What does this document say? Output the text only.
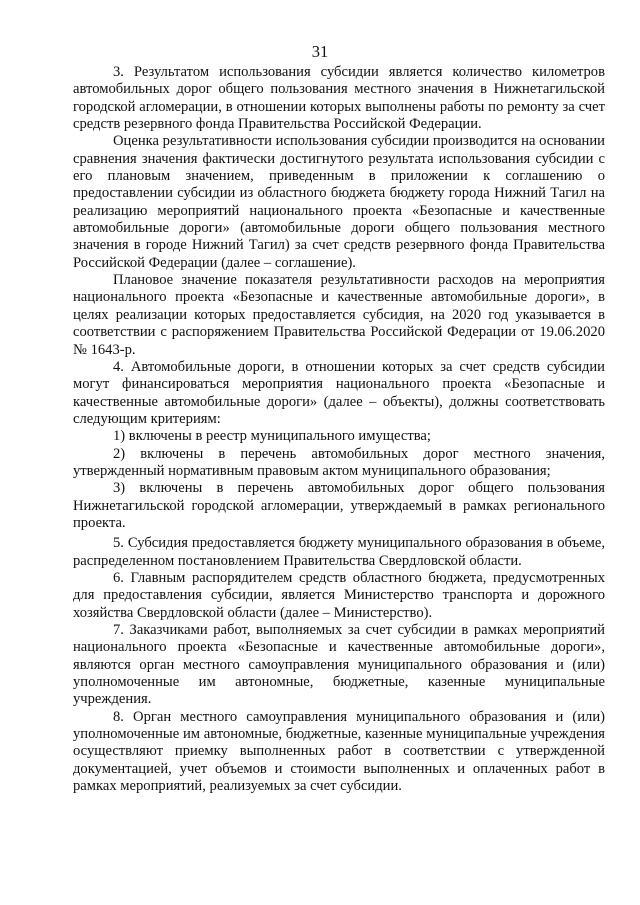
31

3. Результатом использования субсидии является количество километров автомобильных дорог общего пользования местного значения в Нижнетагильской городской агломерации, в отношении которых выполнены работы по ремонту за счет средств резервного фонда Правительства Российской Федерации.

Оценка результативности использования субсидии производится на основании сравнения значения фактически достигнутого результата использования субсидии с его плановым значением, приведенным в приложении к соглашению о предоставлении субсидии из областного бюджета бюджету города Нижний Тагил на реализацию мероприятий национального проекта «Безопасные и качественные автомобильные дороги» (автомобильные дороги общего пользования местного значения в городе Нижний Тагил) за счет средств резервного фонда Правительства Российской Федерации (далее – соглашение).

Плановое значение показателя результативности расходов на мероприятия национального проекта «Безопасные и качественные автомобильные дороги», в целях реализации которых предоставляется субсидия, на 2020 год указывается в соответствии с распоряжением Правительства Российской Федерации от 19.06.2020 № 1643-р.

4. Автомобильные дороги, в отношении которых за счет средств субсидии могут финансироваться мероприятия национального проекта «Безопасные и качественные автомобильные дороги» (далее – объекты), должны соответствовать следующим критериям:

1) включены в реестр муниципального имущества;

2) включены в перечень автомобильных дорог местного значения, утвержденный нормативным правовым актом муниципального образования;

3) включены в перечень автомобильных дорог общего пользования Нижнетагильской городской агломерации, утверждаемый в рамках регионального проекта.

5. Субсидия предоставляется бюджету муниципального образования в объеме, распределенном постановлением Правительства Свердловской области.

6. Главным распорядителем средств областного бюджета, предусмотренных для предоставления субсидии, является Министерство транспорта и дорожного хозяйства Свердловской области (далее – Министерство).

7. Заказчиками работ, выполняемых за счет субсидии в рамках мероприятий национального проекта «Безопасные и качественные автомобильные дороги», являются орган местного самоуправления муниципального образования и (или) уполномоченные им автономные, бюджетные, казенные муниципальные учреждения.

8. Орган местного самоуправления муниципального образования и (или) уполномоченные им автономные, бюджетные, казенные муниципальные учреждения осуществляют приемку выполненных работ в соответствии с утвержденной документацией, учет объемов и стоимости выполненных и оплаченных работ в рамках мероприятий, реализуемых за счет субсидии.
